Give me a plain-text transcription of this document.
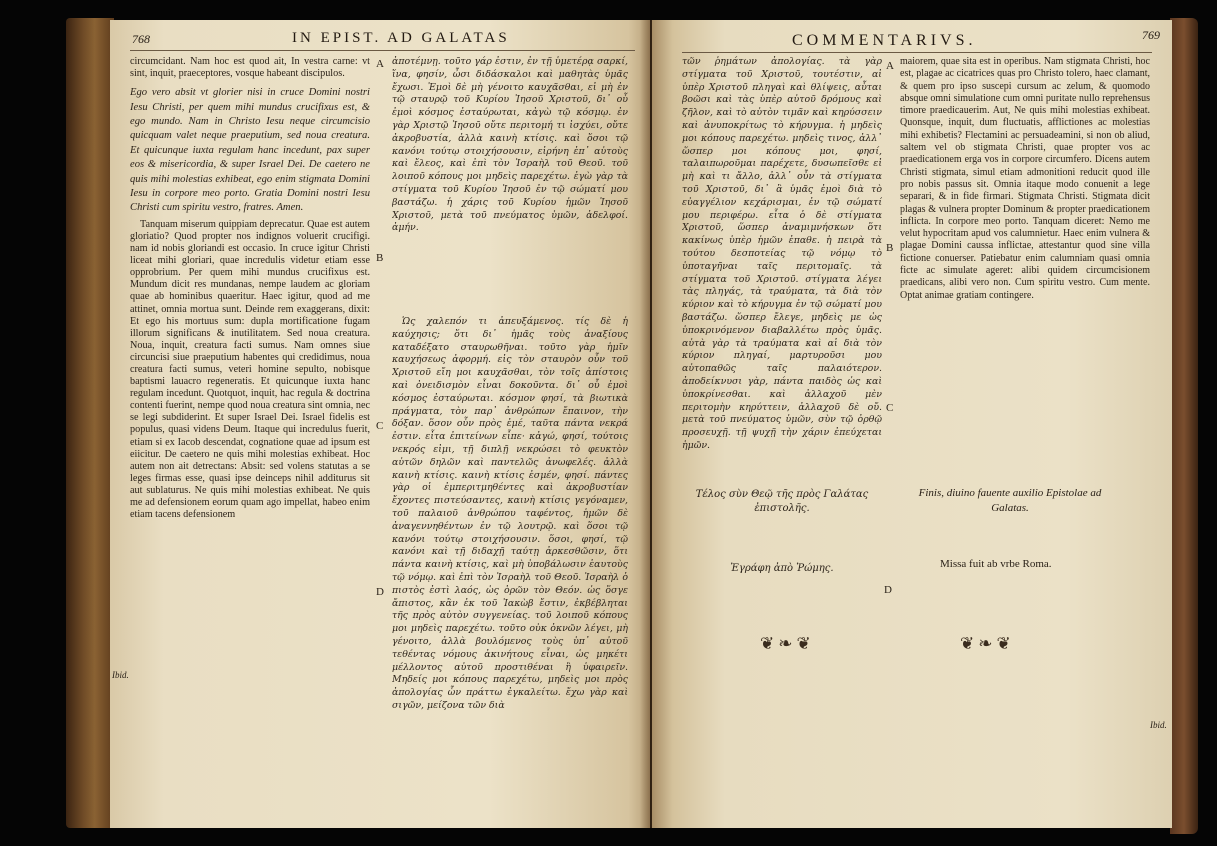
768	IN EPIST. AD GALATAS

circumcidant. Nam hoc est quod ait, In vestra carne: vt sint, inquit, praeceptores, vosque habeant discipulos.

Ego vero absit vt glorier nisi in cruce Domini nostri Iesu Christi, per quem mihi mundus crucifixus est, & ego mundo. Nam in Christo Iesu neque circumcisio quicquam valet neque praeputium, sed noua creatura. Et quicunque iuxta regulam hanc incedunt, pax super eos & misericordia, & super Israel Dei. De caetero ne quis mihi molestias exhibeat, ego enim stigmata Domini Iesu in corpore meo porto. Gratia Domini nostri Iesu Christi cum spiritu vestro, fratres. Amen.

Tanquam miserum quippiam deprecatur. Quae est autem gloriatio? Quod propter nos indignos voluerit crucifigi. nam id nobis gloriandi est occasio. In cruce igitur Christi liceat mihi gloriari, quae incredulis videtur etiam esse opprobrium. Per quem mihi mundus crucifixus est. Mundum dicit res mundanas, nempe laudem ac gloriam quae ab hominibus quaeritur. Haec igitur, quod ad me attinet, omnia mortua sunt. Deinde rem exaggerans, dixit: Et ego his mortuus sum: dupla mortificatione fugam illorum significans & inutilitatem. Sed noua creatura. Noua, inquit, creatura facti sumus. Nam omnes siue circuncisi siue praeputium habentes qui credidimus, noua creatura facti sumus, veteri homine sepulto, nobisque baptismi lauacro regeneratis. Et quicunque iuxta hanc regulam incedunt. Quotquot, inquit, hac regula & doctrina contenti fuerint, nempe quod noua creatura sint omnia, nec se legi subdiderint. Et super Israel Dei. Israel fidelis est populus, quasi videns Deum. Itaque qui incredulus fuerit, etiam si ex Iacob descendat, cognatione quae ad ipsum est eiicitur. De caetero ne quis mihi molestias exhibeat. Hoc autem non ait detrectans: Absit: sed volens statutas a se leges firmas esse, quasi ipse deinceps nihil additurus sit aut sublaturus. Ne quis mihi molestias exhibeat. Ne quis me ad defensionem eorum quam ago impellat, habeo enim etiam tacens defensionem

A
B
C
D

ἀποτέμνῃ. τοῦτο γάρ ἐστιν, ἐν τῇ ὑμετέρᾳ σαρκί, ἵνα, φησίν, ὦσι διδάσκαλοι καὶ μαθητὰς ὑμᾶς ἔχωσι. Ἐμοὶ δὲ μὴ γένοιτο καυχᾶσθαι, εἰ μὴ ἐν τῷ σταυρῷ τοῦ Κυρίου Ἰησοῦ Χριστοῦ, δι᾿ οὗ ἐμοὶ κόσμος ἐσταύρωται, κἀγὼ τῷ κόσμῳ. ἐν γὰρ Χριστῷ Ἰησοῦ οὔτε περιτομή τι ἰσχύει, οὔτε ἀκροβυστία, ἀλλὰ καινὴ κτίσις. καὶ ὅσοι τῷ κανόνι τούτῳ στοιχήσουσιν, εἰρήνη ἐπ᾿ αὐτοὺς καὶ ἔλεος, καὶ ἐπὶ τὸν Ἰσραὴλ τοῦ Θεοῦ. τοῦ λοιποῦ κόπους μοι μηδεὶς παρεχέτω. ἐγὼ γὰρ τὰ στίγματα τοῦ Κυρίου Ἰησοῦ ἐν τῷ σώματί μου βαστάζω. ἡ χάρις τοῦ Κυρίου ἡμῶν Ἰησοῦ Χριστοῦ, μετὰ τοῦ πνεύματος ὑμῶν, ἀδελφοί. ἀμήν.

Ὡς χαλεπόν τι ἀπευξάμενος. τίς δὲ ἡ καύχησις; ὅτι δι᾿ ἡμᾶς τοὺς ἀναξίους καταδέξατο σταυρωθῆναι. τοῦτο γὰρ ἡμῖν καυχήσεως ἀφορμή. εἰς τὸν σταυρὸν οὖν τοῦ Χριστοῦ εἴη μοι καυχᾶσθαι, τὸν τοῖς ἀπίστοις καὶ ὀνειδισμὸν εἶναι δοκοῦντα. δι᾿ οὗ ἐμοὶ κόσμος ἐσταύρωται. κόσμον φησί, τὰ βιωτικὰ πράγματα, τὸν παρ᾿ ἀνθρώπων ἔπαινον, τὴν δόξαν. ὅσον οὖν πρὸς ἐμέ, ταῦτα πάντα νεκρά ἐστιν. εἶτα ἐπιτείνων εἶπε· κἀγώ, φησί, τούτοις νεκρός εἰμι, τῇ διπλῇ νεκρώσει τὸ φευκτὸν αὐτῶν δηλῶν καὶ παντελῶς ἀνωφελές. ἀλλὰ καινὴ κτίσις. καινὴ κτίσις ἐσμέν, φησί. πάντες γὰρ οἱ ἐμπεριτμηθέντες καὶ ἀκροβυστίαν ἔχοντες πιστεύσαντες, καινὴ κτίσις γεγόναμεν, τοῦ παλαιοῦ ἀνθρώπου ταφέντος, ἡμῶν δὲ ἀναγεννηθέντων ἐν τῷ λουτρῷ. καὶ ὅσοι τῷ κανόνι τούτῳ στοιχήσουσιν. ὅσοι, φησί, τῷ κανόνι καὶ τῇ διδαχῇ ταύτῃ ἀρκεσθῶσιν, ὅτι πάντα καινὴ κτίσις, καὶ μὴ ὑποβάλωσιν ἑαυτοὺς τῷ νόμῳ. καὶ ἐπὶ τὸν Ἰσραὴλ τοῦ Θεοῦ. Ἰσραὴλ ὁ πιστὸς ἐστὶ λαός, ὡς ὁρῶν τὸν Θεόν. ὡς ὅσγε ἄπιστος, κἂν ἐκ τοῦ Ἰακὼβ ἔστιν, ἐκβέβληται τῆς πρὸς αὐτὸν συγγενείας. τοῦ λοιποῦ κόπους μοι μηδεὶς παρεχέτω. τοῦτο οὐκ ὀκνῶν λέγει, μὴ γένοιτο, ἀλλὰ βουλόμενος τοὺς ὑπ᾿ αὐτοῦ τεθέντας νόμους ἀκινήτους εἶναι, ὡς μηκέτι μέλλοντος αὐτοῦ προστιθέναι ἢ ὑφαιρεῖν. Μηδείς μοι κόπους παρεχέτω, μηδεὶς μοι πρὸς ἀπολογίας ὧν πράττω ἐγκαλείτω. ἔχω γὰρ καὶ σιγῶν, μείζονα τῶν διὰ

Ibid.
COMMENTARIVS.	769

τῶν ῥημάτων ἀπολογίας. τὰ γὰρ στίγματα τοῦ Χριστοῦ, τουτέστιν, αἱ ὑπὲρ Χριστοῦ πληγαὶ καὶ θλίψεις, αὗται βοῶσι καὶ τὰς ὑπὲρ αὐτοῦ δρόμους καὶ ζῆλον, καὶ τὸ αὐτὸν τιμᾶν καὶ κηρύσσειν καὶ ἀνυποκρίτως τὸ κήρυγμα. ἡ μηδεὶς μοι κόπους παρεχέτω. μηδεὶς τινος, ἀλλ᾿ ὥσπερ μοι κόπους μοι, φησί, ταλαιπωροῦμαι παρέχετε, δυσωπεῖσθε εἰ μὴ καὶ τι ἄλλο, ἀλλ᾿ οὖν τὰ στίγματα τοῦ Χριστοῦ, δι᾿ ἃ ὑμᾶς ἐμοὶ διὰ τὸ εὐαγγέλιον κεχάρισμαι, ἐν τῷ σώματί μου περιφέρω. εἶτα ὁ δὲ στίγματα Χριστοῦ, ὥσπερ ἀναμιμνήσκων ὅτι κακίνως ὑπὲρ ἡμῶν ἐπαθε. ἡ πειρὰ τὰ τούτου δεσποτείας τῷ νόμῳ τὸ ὑποταγῆναι ταῖς περιτομαῖς. τὰ στίγματα τοῦ Χριστοῦ. στίγματα λέγει τὰς πληγάς, τὰ τραύματα, τὰ διὰ τὸν κύριον καὶ τὸ κήρυγμα ἐν τῷ σώματί μου βαστάζω. ὥσπερ ἔλεγε, μηδεὶς με ὡς ὑποκρινόμενον διαβαλλέτω πρὸς ὑμᾶς. αὐτὰ γὰρ τὰ τραύματα καὶ αἱ διὰ τὸν κύριον πληγαί, μαρτυροῦσι μου αὐτοπαθῶς ταῖς παλαιότερον. ἀποδείκνυσι γὰρ, πάντα παιδὸς ὡς καὶ ὑποκρίνεσθαι. καὶ ἀλλαχοῦ μὲν περιτομὴν κηρύττειν, ἀλλαχοῦ δὲ οὔ. μετὰ τοῦ πνεύματος ὑμῶν, σὺν τῷ ὀρθῷ προσευχῇ. τῇ ψυχῇ τὴν χάριν ἐπεύχεται ἡμῶν.

A
B
C
D

maiorem, quae sita est in operibus. Nam stigmata Christi, hoc est, plagae ac cicatrices quas pro Christo tolero, haec clamant, & quem pro ipso suscepi cursum ac zelum, & quomodo absque omni simulatione cum omni puritate nullo reprehensus timore praedicauerim. Aut, Ne quis mihi molestias exhibeat. Quonsque, inquit, dum fluctuatis, afflictiones ac molestias mihi exhibetis? Flectamini ac persuadeamini, si non ob aliud, saltem vel ob stigmata Christi, quae propter vos ac praedicationem erga vos in corpore circumfero. Dicens autem Christi stigmata, simul etiam admonitioni reducit quod ille pro nobis passus sit. Omnia itaque modo conuenit a lege separari, & in fide firmari. Stigmata Christi. Stigmata dicit plagas & vulnera propter Dominum & propter praedicationem inflicta. In corpore meo porto. Tanquam diceret: Nemo me velut hypocritam apud vos calumnietur. Haec enim vulnera & plagae Domini caussa inflictae, attestantur quod sine villa fictione conuerser. Patiebatur enim calumniam quasi omnia ficte ac simulate ageret: alibi quidem circumcisionem praedicans, alibi vero non. Cum spiritu vestro. Cum mente. Optat animae gratiam contingere.

Τέλος σὺν Θεῷ τῆς πρὸς Γαλάτας ἐπιστολῆς.
Finis, diuino fauente auxilio Epistolae ad Galatas.
Ἐγράφη ἀπὸ Ῥώμης.	Missa fuit ab vrbe Roma.
❦❧❦	❦❧❦
Ibid.
